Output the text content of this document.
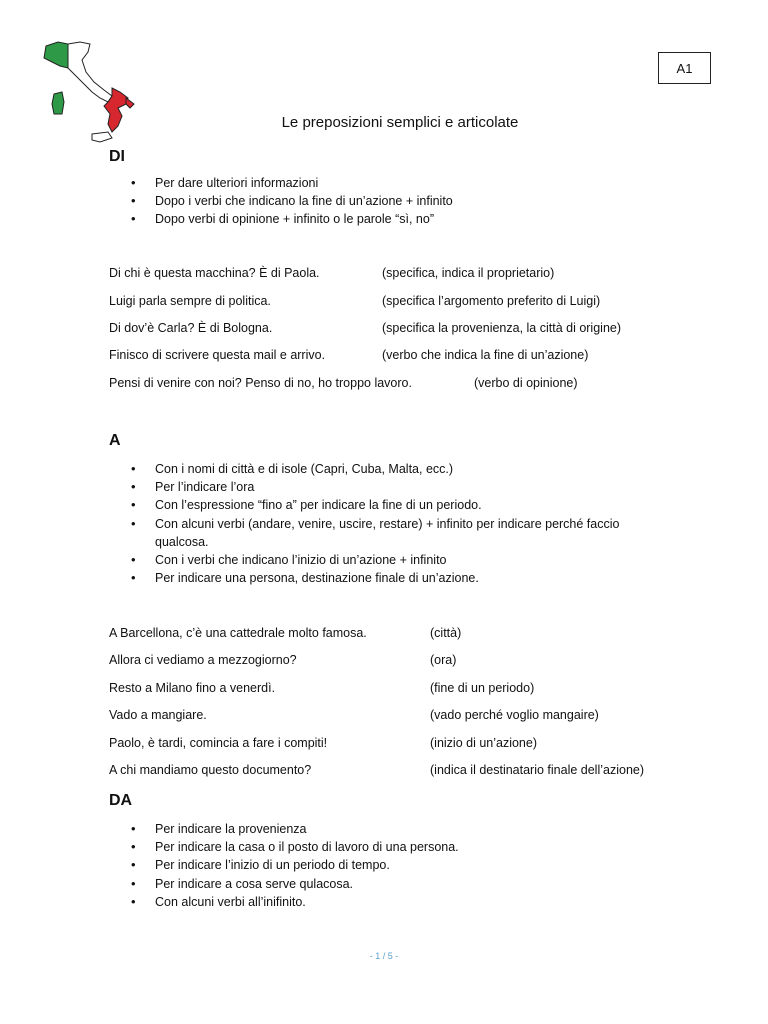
A1
Le preposizioni semplici e articolate
DI
• Per dare ulteriori informazioni
• Dopo i verbi che indicano la fine di un’azione + infinito
• Dopo verbi di opinione + infinito o le parole “sì, no”
Di chi è questa macchina? È di Paola.	(specifica, indica il proprietario)
Luigi parla sempre di politica.	(specifica l’argomento preferito di Luigi)
Di dov’è Carla? È di Bologna.	(specifica la provenienza, la città di origine)
Finisco di scrivere questa mail e arrivo.	(verbo che indica la fine di un’azione)
Pensi di venire con noi? Penso di no, ho troppo lavoro.	(verbo di opinione)
A
• Con i nomi di città e di isole (Capri, Cuba, Malta, ecc.)
• Per l’indicare l’ora
• Con l’espressione “fino a” per indicare la fine di un periodo.
• Con alcuni verbi (andare, venire, uscire, restare) + infinito per indicare perché faccio qualcosa.
• Con i verbi che indicano l’inizio di un’azione + infinito
• Per indicare una persona, destinazione finale di un’azione.
A Barcellona, c’è una cattedrale molto famosa.	(città)
Allora ci vediamo a mezzogiorno?	(ora)
Resto a Milano fino a venerdì.	(fine di un periodo)
Vado a mangiare.	(vado perché voglio mangaire)
Paolo, è tardi, comincia a fare i compiti!	(inizio di un’azione)
A chi mandiamo questo documento?	(indica il destinatario finale dell’azione)
DA
• Per indicare la provenienza
• Per indicare la casa o il posto di lavoro di una persona.
• Per indicare l’inizio di un periodo di tempo.
• Per indicare a cosa serve qulacosa.
• Con alcuni verbi all’inifinito.
- 1 / 5 -
